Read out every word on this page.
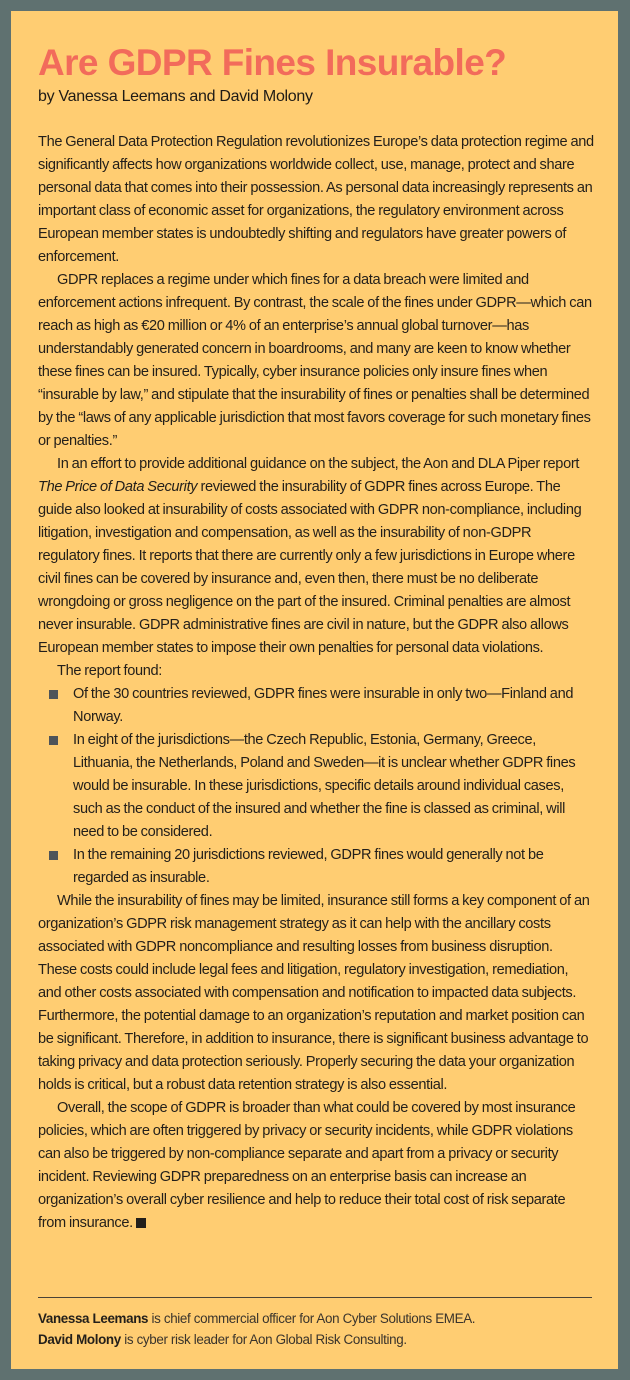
Are GDPR Fines Insurable?

by Vanessa Leemans and David Molony

The General Data Protection Regulation revolutionizes Europe’s data protection regime and significantly affects how organizations worldwide collect, use, manage, protect and share personal data that comes into their possession. As personal data increasingly represents an important class of economic asset for organizations, the regulatory environment across European member states is undoubtedly shifting and regulators have greater powers of enforcement.

GDPR replaces a regime under which fines for a data breach were limited and enforcement actions infrequent. By contrast, the scale of the fines under GDPR—which can reach as high as €20 million or 4% of an enterprise’s annual global turnover—has understandably generated concern in boardrooms, and many are keen to know whether these fines can be insured. Typically, cyber insurance policies only insure fines when “insurable by law,” and stipulate that the insurability of fines or penalties shall be determined by the “laws of any applicable jurisdiction that most favors coverage for such monetary fines or penalties.”

In an effort to provide additional guidance on the subject, the Aon and DLA Piper report The Price of Data Security reviewed the insurability of GDPR fines across Europe. The guide also looked at insurability of costs associated with GDPR non-compliance, including litigation, investigation and compensation, as well as the insurability of non-GDPR regulatory fines. It reports that there are currently only a few jurisdictions in Europe where civil fines can be covered by insurance and, even then, there must be no deliberate wrongdoing or gross negligence on the part of the insured. Criminal penalties are almost never insurable. GDPR administrative fines are civil in nature, but the GDPR also allows European member states to impose their own penalties for personal data violations.

The report found:

Of the 30 countries reviewed, GDPR fines were insurable in only two—Finland and Norway.
In eight of the jurisdictions—the Czech Republic, Estonia, Germany, Greece, Lithuania, the Netherlands, Poland and Sweden—it is unclear whether GDPR fines would be insurable. In these jurisdictions, specific details around individual cases, such as the conduct of the insured and whether the fine is classed as criminal, will need to be considered.
In the remaining 20 jurisdictions reviewed, GDPR fines would generally not be regarded as insurable.

While the insurability of fines may be limited, insurance still forms a key component of an organization’s GDPR risk management strategy as it can help with the ancillary costs associated with GDPR noncompliance and resulting losses from business disruption. These costs could include legal fees and litigation, regulatory investigation, remediation, and other costs associated with compensation and notification to impacted data subjects. Furthermore, the potential damage to an organization’s reputation and market position can be significant. Therefore, in addition to insurance, there is significant business advantage to taking privacy and data protection seriously. Properly securing the data your organization holds is critical, but a robust data retention strategy is also essential.

Overall, the scope of GDPR is broader than what could be covered by most insurance policies, which are often triggered by privacy or security incidents, while GDPR violations can also be triggered by non-compliance separate and apart from a privacy or security incident. Reviewing GDPR preparedness on an enterprise basis can increase an organization’s overall cyber resilience and help to reduce their total cost of risk separate from insurance.

Vanessa Leemans is chief commercial officer for Aon Cyber Solutions EMEA.

David Molony is cyber risk leader for Aon Global Risk Consulting.
